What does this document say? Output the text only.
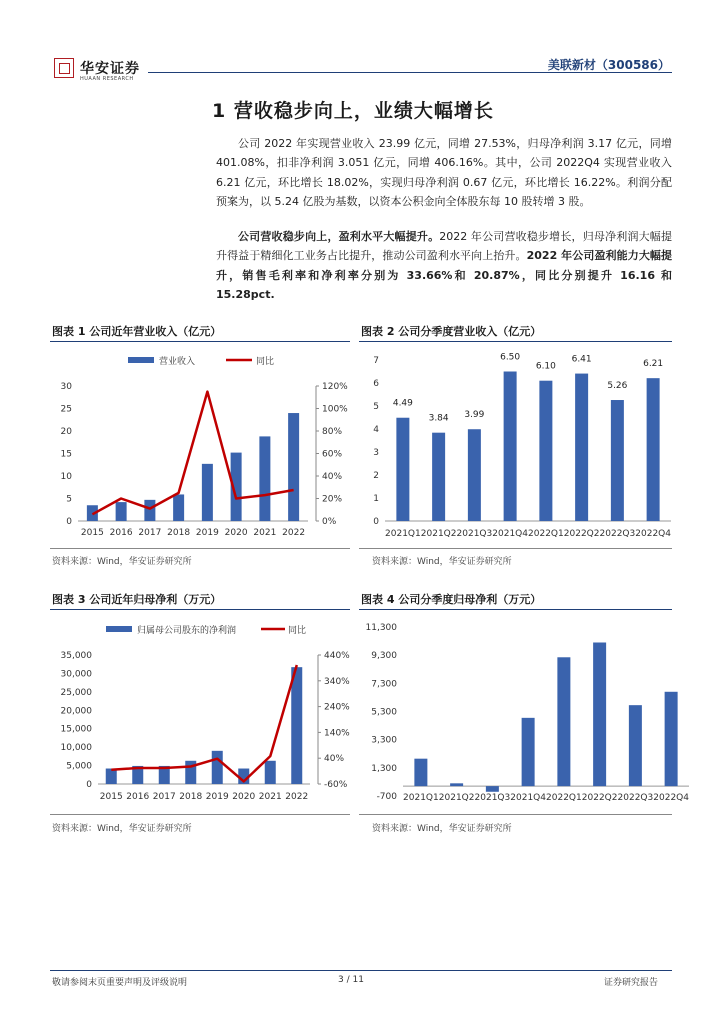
华安证券
HUAAN RESEARCH
美联新材（300586）
1 营收稳步向上，业绩大幅增长
公司 2022 年实现营业收入 23.99 亿元，同增 27.53%，归母净利润 3.17 亿元，同增 401.08%，扣非净利润 3.051 亿元，同增 406.16%。其中，公司 2022Q4 实现营业收入 6.21 亿元，环比增长 18.02%，实现归母净利润 0.67 亿元，环比增长 16.22%。利润分配预案为，以 5.24 亿股为基数，以资本公积金向全体股东每 10 股转增 3 股。
公司营收稳步向上，盈利水平大幅提升。2022 年公司营收稳步增长，归母净利润大幅提升得益于精细化工业务占比提升，推动公司盈利水平向上抬升。2022 年公司盈利能力大幅提升，销售毛利率和净利率分别为 33.66%和 20.87%，同比分别提升 16.16 和 15.28pct.
图表 1 公司近年营业收入（亿元）
营业收入	同比
0
5
10
15
20
25
30
0%
20%
40%
60%
80%
100%
120%
2015 2016 2017 2018 2019 2020 2021 2022
资料来源：Wind，华安证券研究所
图表 2 公司分季度营业收入（亿元）
0
1
2
3
4
5
6
7
4.49
3.84 3.99
6.50
6.10
6.41
5.26
6.21
2021Q1 2021Q2 2021Q3 2021Q4 2022Q1 2022Q2 2022Q3 2022Q4
资料来源：Wind，华安证券研究所
图表 3 公司近年归母净利（万元）
归属母公司股东的净利润	同比
0
5,000
10,000
15,000
20,000
25,000
30,000
35,000
-60%
40%
140%
240%
340%
440%
2015 2016 2017 2018 2019 2020 2021 2022
资料来源：Wind，华安证券研究所
图表 4 公司分季度归母净利（万元）
-700
1,300
3,300
5,300
7,300
9,300
11,300
2021Q1 2021Q2 2021Q3 2021Q4 2022Q1 2022Q2 2022Q3 2022Q4
资料来源：Wind，华安证券研究所
敬请参阅末页重要声明及评级说明	3 / 11	证券研究报告
